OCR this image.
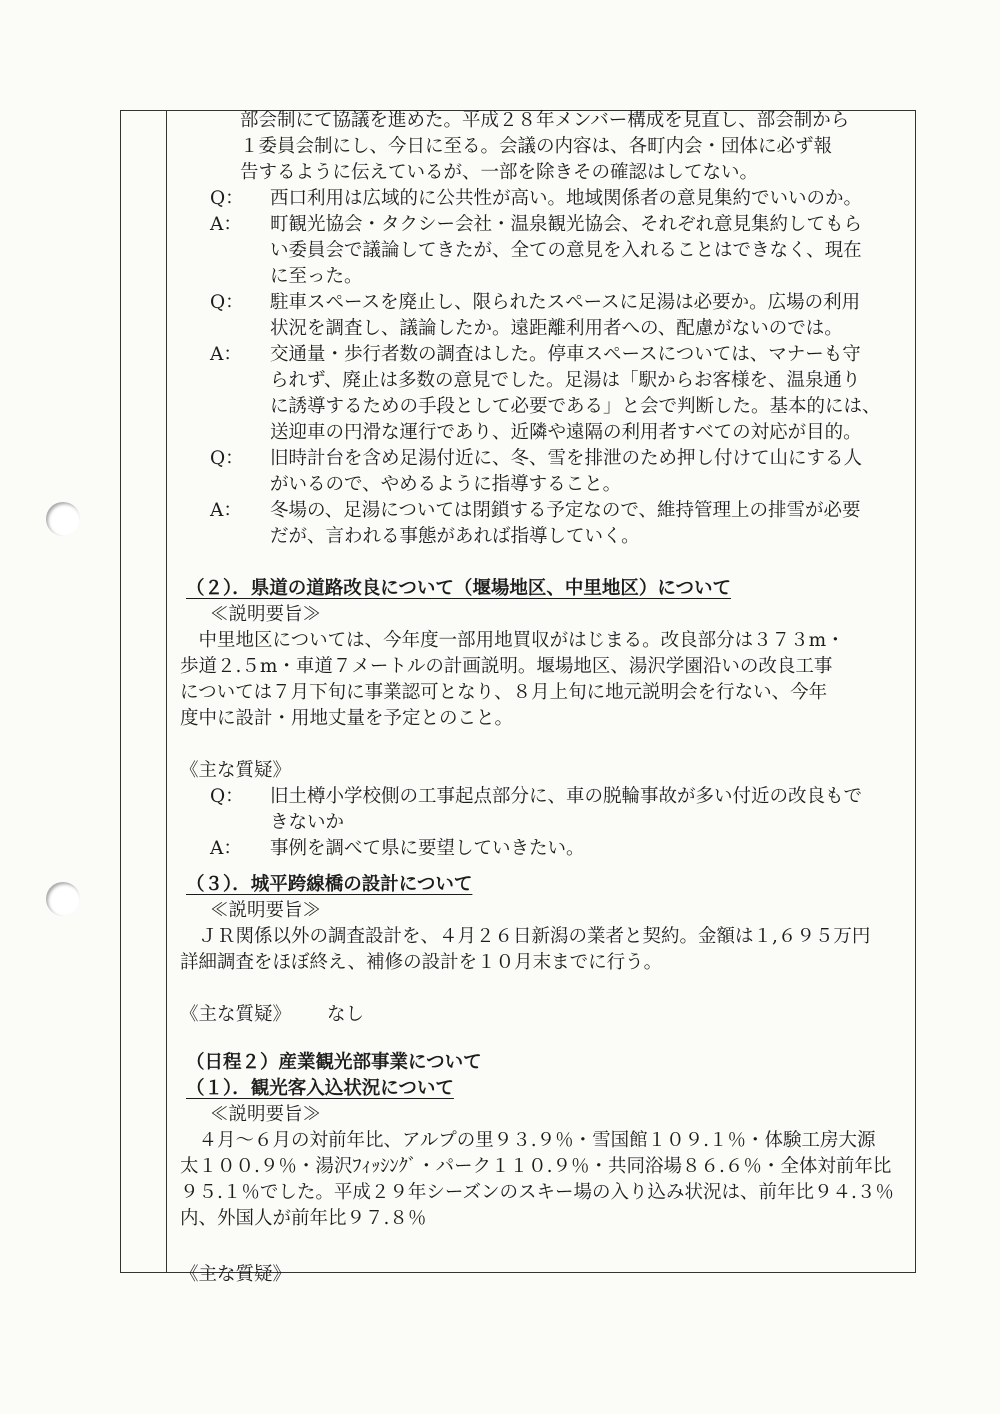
部会制にて協議を進めた。平成２８年メンバー構成を見直し、部会制から
１委員会制にし、今日に至る。会議の内容は、各町内会・団体に必ず報
告するように伝えているが、一部を除きその確認はしてない。
Q：	西口利用は広域的に公共性が高い。地域関係者の意見集約でいいのか。
A：	町観光協会・タクシー会社・温泉観光協会、それぞれ意見集約してもら
い委員会で議論してきたが、全ての意見を入れることはできなく、現在
に至った。
Q：	駐車スペースを廃止し、限られたスペースに足湯は必要か。広場の利用
状況を調査し、議論したか。遠距離利用者への、配慮がないのでは。
A：	交通量・歩行者数の調査はした。停車スペースについては、マナーも守
られず、廃止は多数の意見でした。足湯は「駅からお客様を、温泉通り
に誘導するための手段として必要である」と会で判断した。基本的には、
送迎車の円滑な運行であり、近隣や遠隔の利用者すべての対応が目的。
Q：	旧時計台を含め足湯付近に、冬、雪を排泄のため押し付けて山にする人
がいるので、やめるように指導すること。
A：	冬場の、足湯については閉鎖する予定なので、維持管理上の排雪が必要
だが、言われる事態があれば指導していく。
（２）．県道の道路改良について（堰場地区、中里地区）について
≪説明要旨≫
　中里地区については、今年度一部用地買収がはじまる。改良部分は３７３m・
歩道２.５m・車道７メートルの計画説明。堰場地区、湯沢学園沿いの改良工事
については７月下旬に事業認可となり、８月上旬に地元説明会を行ない、今年
度中に設計・用地丈量を予定とのこと。
《主な質疑》
Q：	旧土樽小学校側の工事起点部分に、車の脱輪事故が多い付近の改良もで
きないか
A：	事例を調べて県に要望していきたい。
（３）．城平跨線橋の設計について
≪説明要旨≫
　ＪＲ関係以外の調査設計を、４月２６日新潟の業者と契約。金額は１,６９５万円
詳細調査をほぼ終え、補修の設計を１０月末までに行う。
《主な質疑》 なし
（日程２）産業観光部事業について
（１）．観光客入込状況について
≪説明要旨≫
　４月～６月の対前年比、アルプの里９３.９％・雪国館１０９.１％・体験工房大源
太１００.９％・湯沢ﾌｨｯｼﾝｸﾞ・パーク１１０.９％・共同浴場８６.６％・全体対前年比
９５.１％でした。平成２９年シーズンのスキー場の入り込み状況は、前年比９４.３％
内、外国人が前年比９７.８％
《主な質疑》
